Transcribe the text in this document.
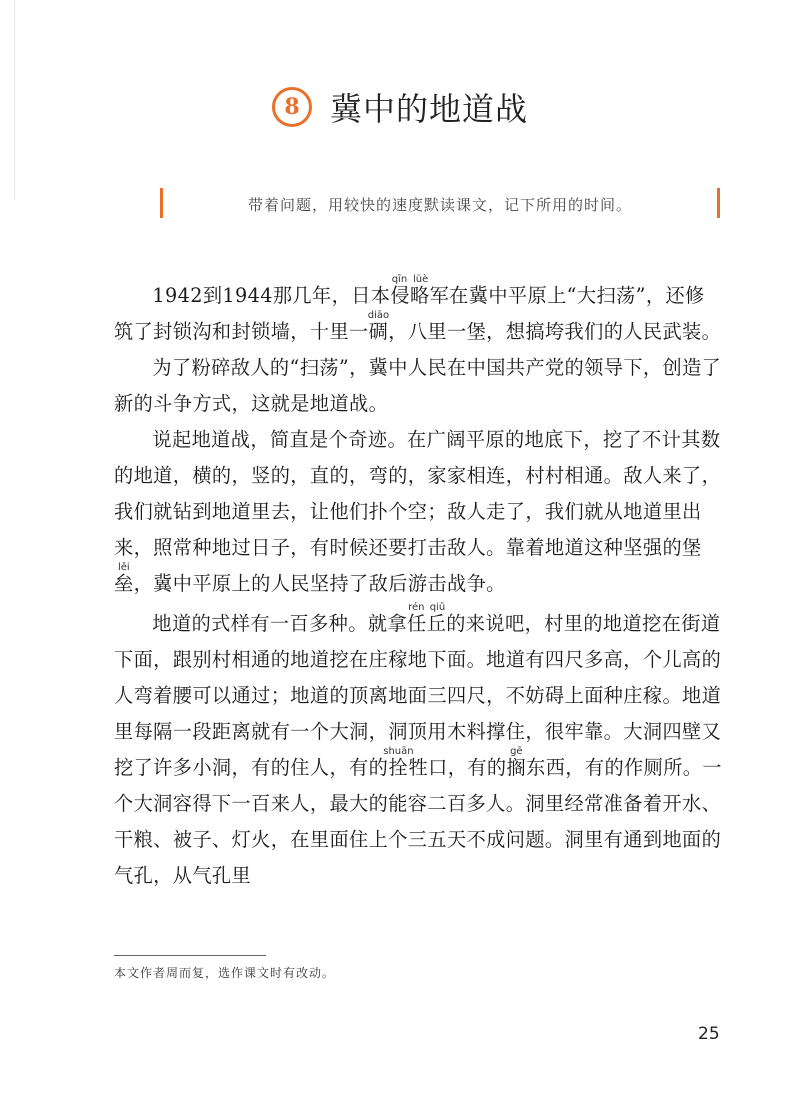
8 冀中的地道战
带着问题，用较快的速度默读课文，记下所用的时间。

1942到1944那几年，日本侵略qīn lüè军在冀中平原上“大扫荡”，还修筑了封锁沟和封锁墙，十里一碉diāo，八里一堡，想搞垮我们的人民武装。

为了粉碎敌人的“扫荡”，冀中人民在中国共产党的领导下，创造了新的斗争方式，这就是地道战。

说起地道战，简直是个奇迹。在广阔平原的地底下，挖了不计其数的地道，横的，竖的，直的，弯的，家家相连，村村相通。敌人来了，我们就钻到地道里去，让他们扑个空；敌人走了，我们就从地道里出来，照常种地过日子，有时候还要打击敌人。靠着地道这种坚强的堡垒lěi，冀中平原上的人民坚持了敌后游击战争。

地道的式样有一百多种。就拿任丘rén qiū的来说吧，村里的地道挖在街道下面，跟别村相通的地道挖在庄稼地下面。地道有四尺多高，个儿高的人弯着腰可以通过；地道的顶离地面三四尺，不妨碍上面种庄稼。地道里每隔一段距离就有一个大洞，洞顶用木料撑住，很牢靠。大洞四壁又挖了许多小洞，有的住人，有的拴shuān牲口，有的搁gē东西，有的作厕所。一个大洞容得下一百来人，最大的能容二百多人。洞里经常准备着开水、干粮、被子、灯火，在里面住上个三五天不成问题。洞里有通到地面的气孔，从气孔里

本文作者周而复，选作课文时有改动。
25
